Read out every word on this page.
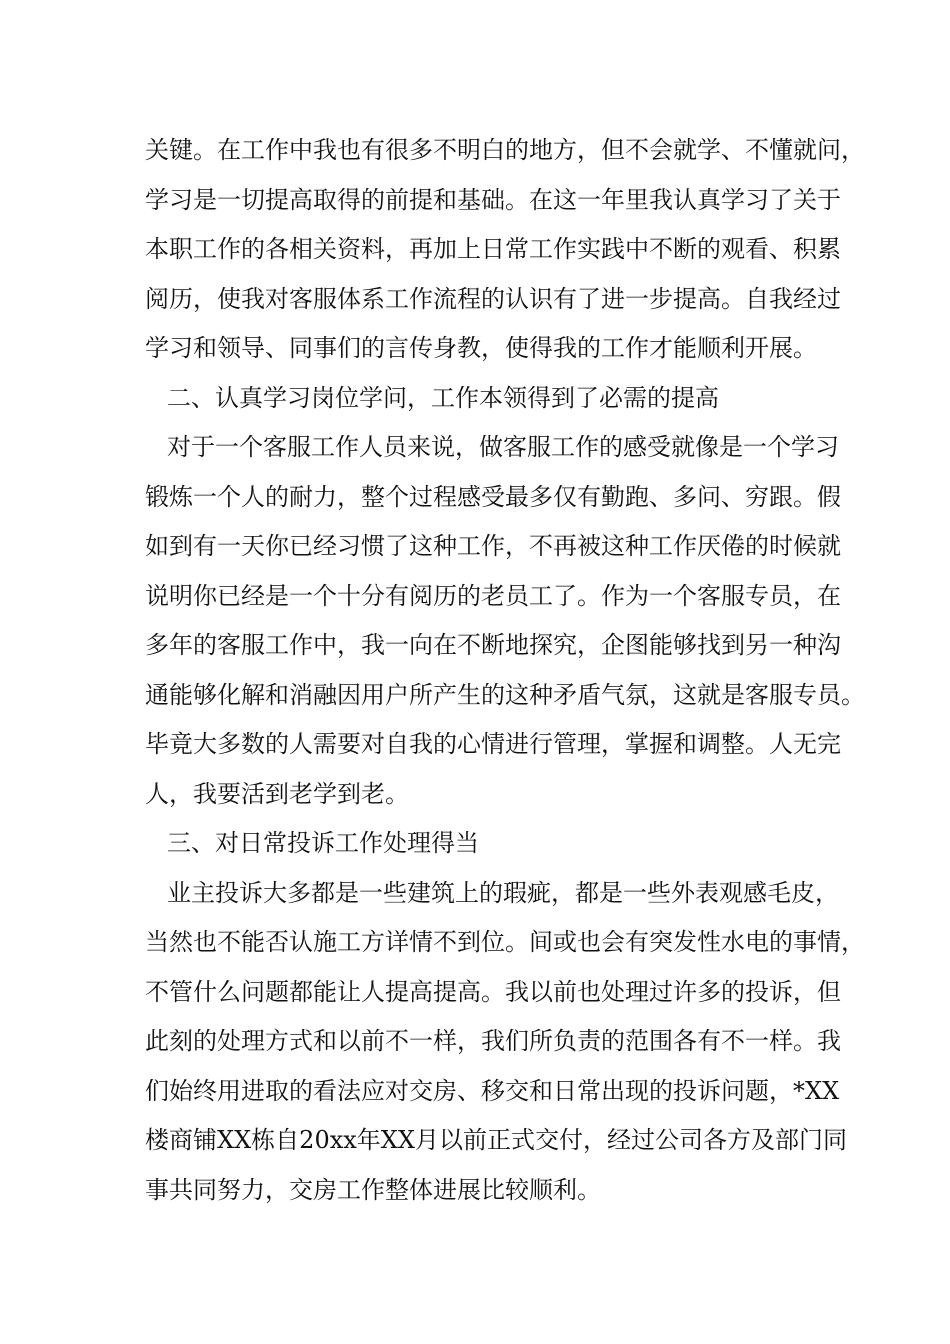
关键。在工作中我也有很多不明白的地方，但不会就学、不懂就问，
学习是一切提高取得的前提和基础。在这一年里我认真学习了关于
本职工作的各相关资料，再加上日常工作实践中不断的观看、积累
阅历，使我对客服体系工作流程的认识有了进一步提高。自我经过
学习和领导、同事们的言传身教，使得我的工作才能顺利开展。
二、认真学习岗位学问，工作本领得到了必需的提高
对于一个客服工作人员来说，做客服工作的感受就像是一个学习
锻炼一个人的耐力，整个过程感受最多仅有勤跑、多问、穷跟。假
如到有一天你已经习惯了这种工作，不再被这种工作厌倦的时候就
说明你已经是一个十分有阅历的老员工了。作为一个客服专员，在
多年的客服工作中，我一向在不断地探究，企图能够找到另一种沟
通能够化解和消融因用户所产生的这种矛盾气氛，这就是客服专员。
毕竟大多数的人需要对自我的心情进行管理，掌握和调整。人无完
人，我要活到老学到老。
三、对日常投诉工作处理得当
业主投诉大多都是一些建筑上的瑕疵，都是一些外表观感毛皮，
当然也不能否认施工方详情不到位。间或也会有突发性水电的事情，
不管什么问题都能让人提高提高。我以前也处理过许多的投诉，但
此刻的处理方式和以前不一样，我们所负责的范围各有不一样。我
们始终用进取的看法应对交房、移交和日常出现的投诉问题，*XX
楼商铺XX栋自20xx年XX月以前正式交付，经过公司各方及部门同
事共同努力，交房工作整体进展比较顺利。
